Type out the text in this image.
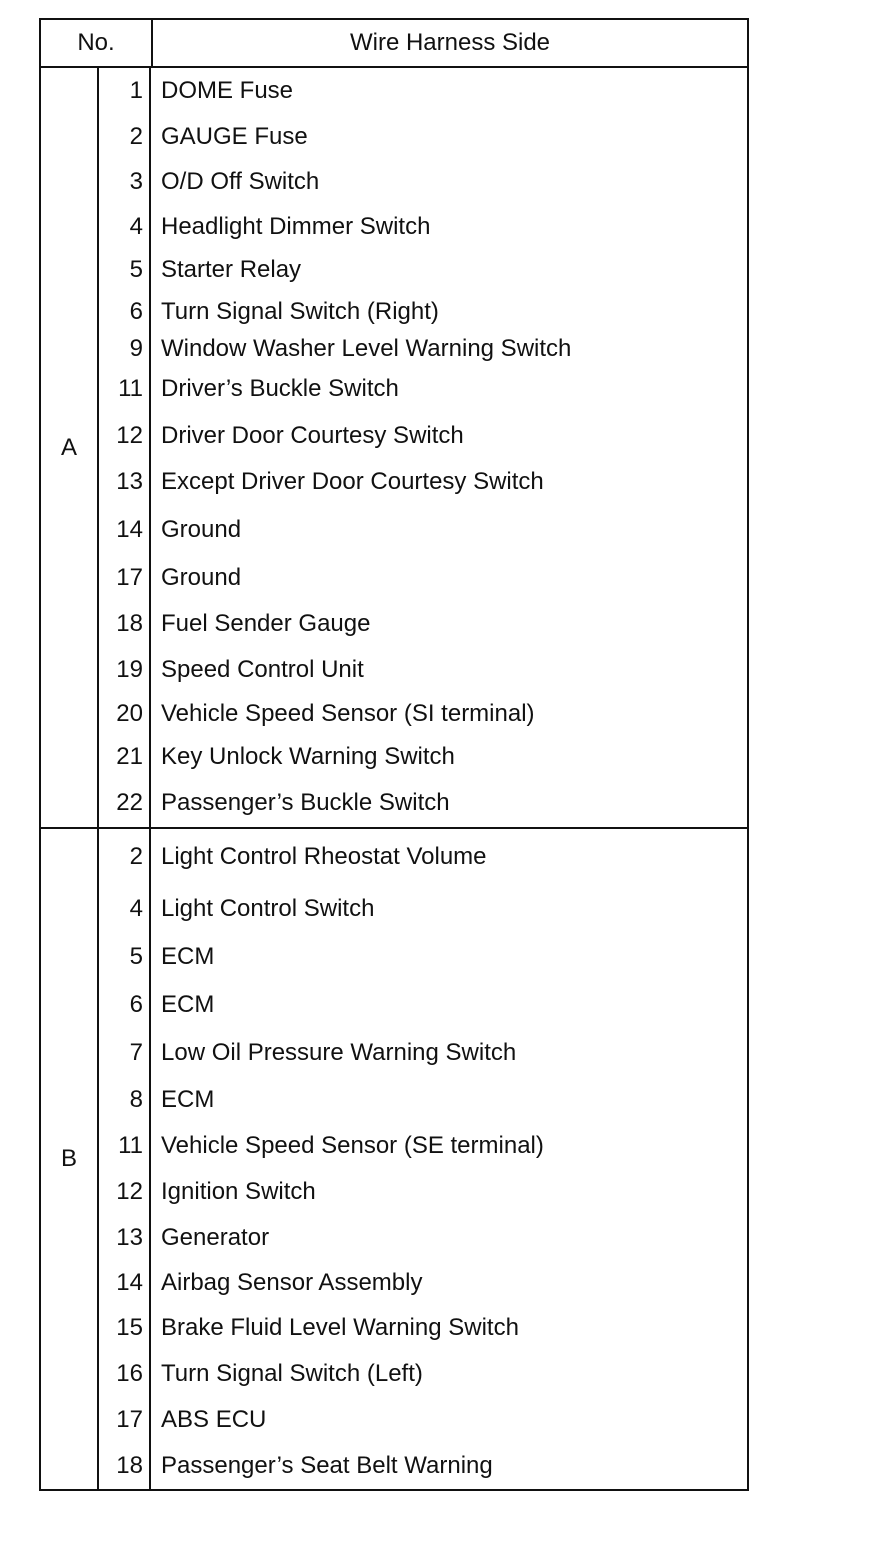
No.	Wire Harness Side
A
1 DOME Fuse
2 GAUGE Fuse
3 O/D Off Switch
4 Headlight Dimmer Switch
5 Starter Relay
6 Turn Signal Switch (Right)
9 Window Washer Level Warning Switch
11 Driver’s Buckle Switch
12 Driver Door Courtesy Switch
13 Except Driver Door Courtesy Switch
14 Ground
17 Ground
18 Fuel Sender Gauge
19 Speed Control Unit
20 Vehicle Speed Sensor (SI terminal)
21 Key Unlock Warning Switch
22 Passenger’s Buckle Switch
B
2 Light Control Rheostat Volume
4 Light Control Switch
5 ECM
6 ECM
7 Low Oil Pressure Warning Switch
8 ECM
11 Vehicle Speed Sensor (SE terminal)
12 Ignition Switch
13 Generator
14 Airbag Sensor Assembly
15 Brake Fluid Level Warning Switch
16 Turn Signal Switch (Left)
17 ABS ECU
18 Passenger’s Seat Belt Warning
